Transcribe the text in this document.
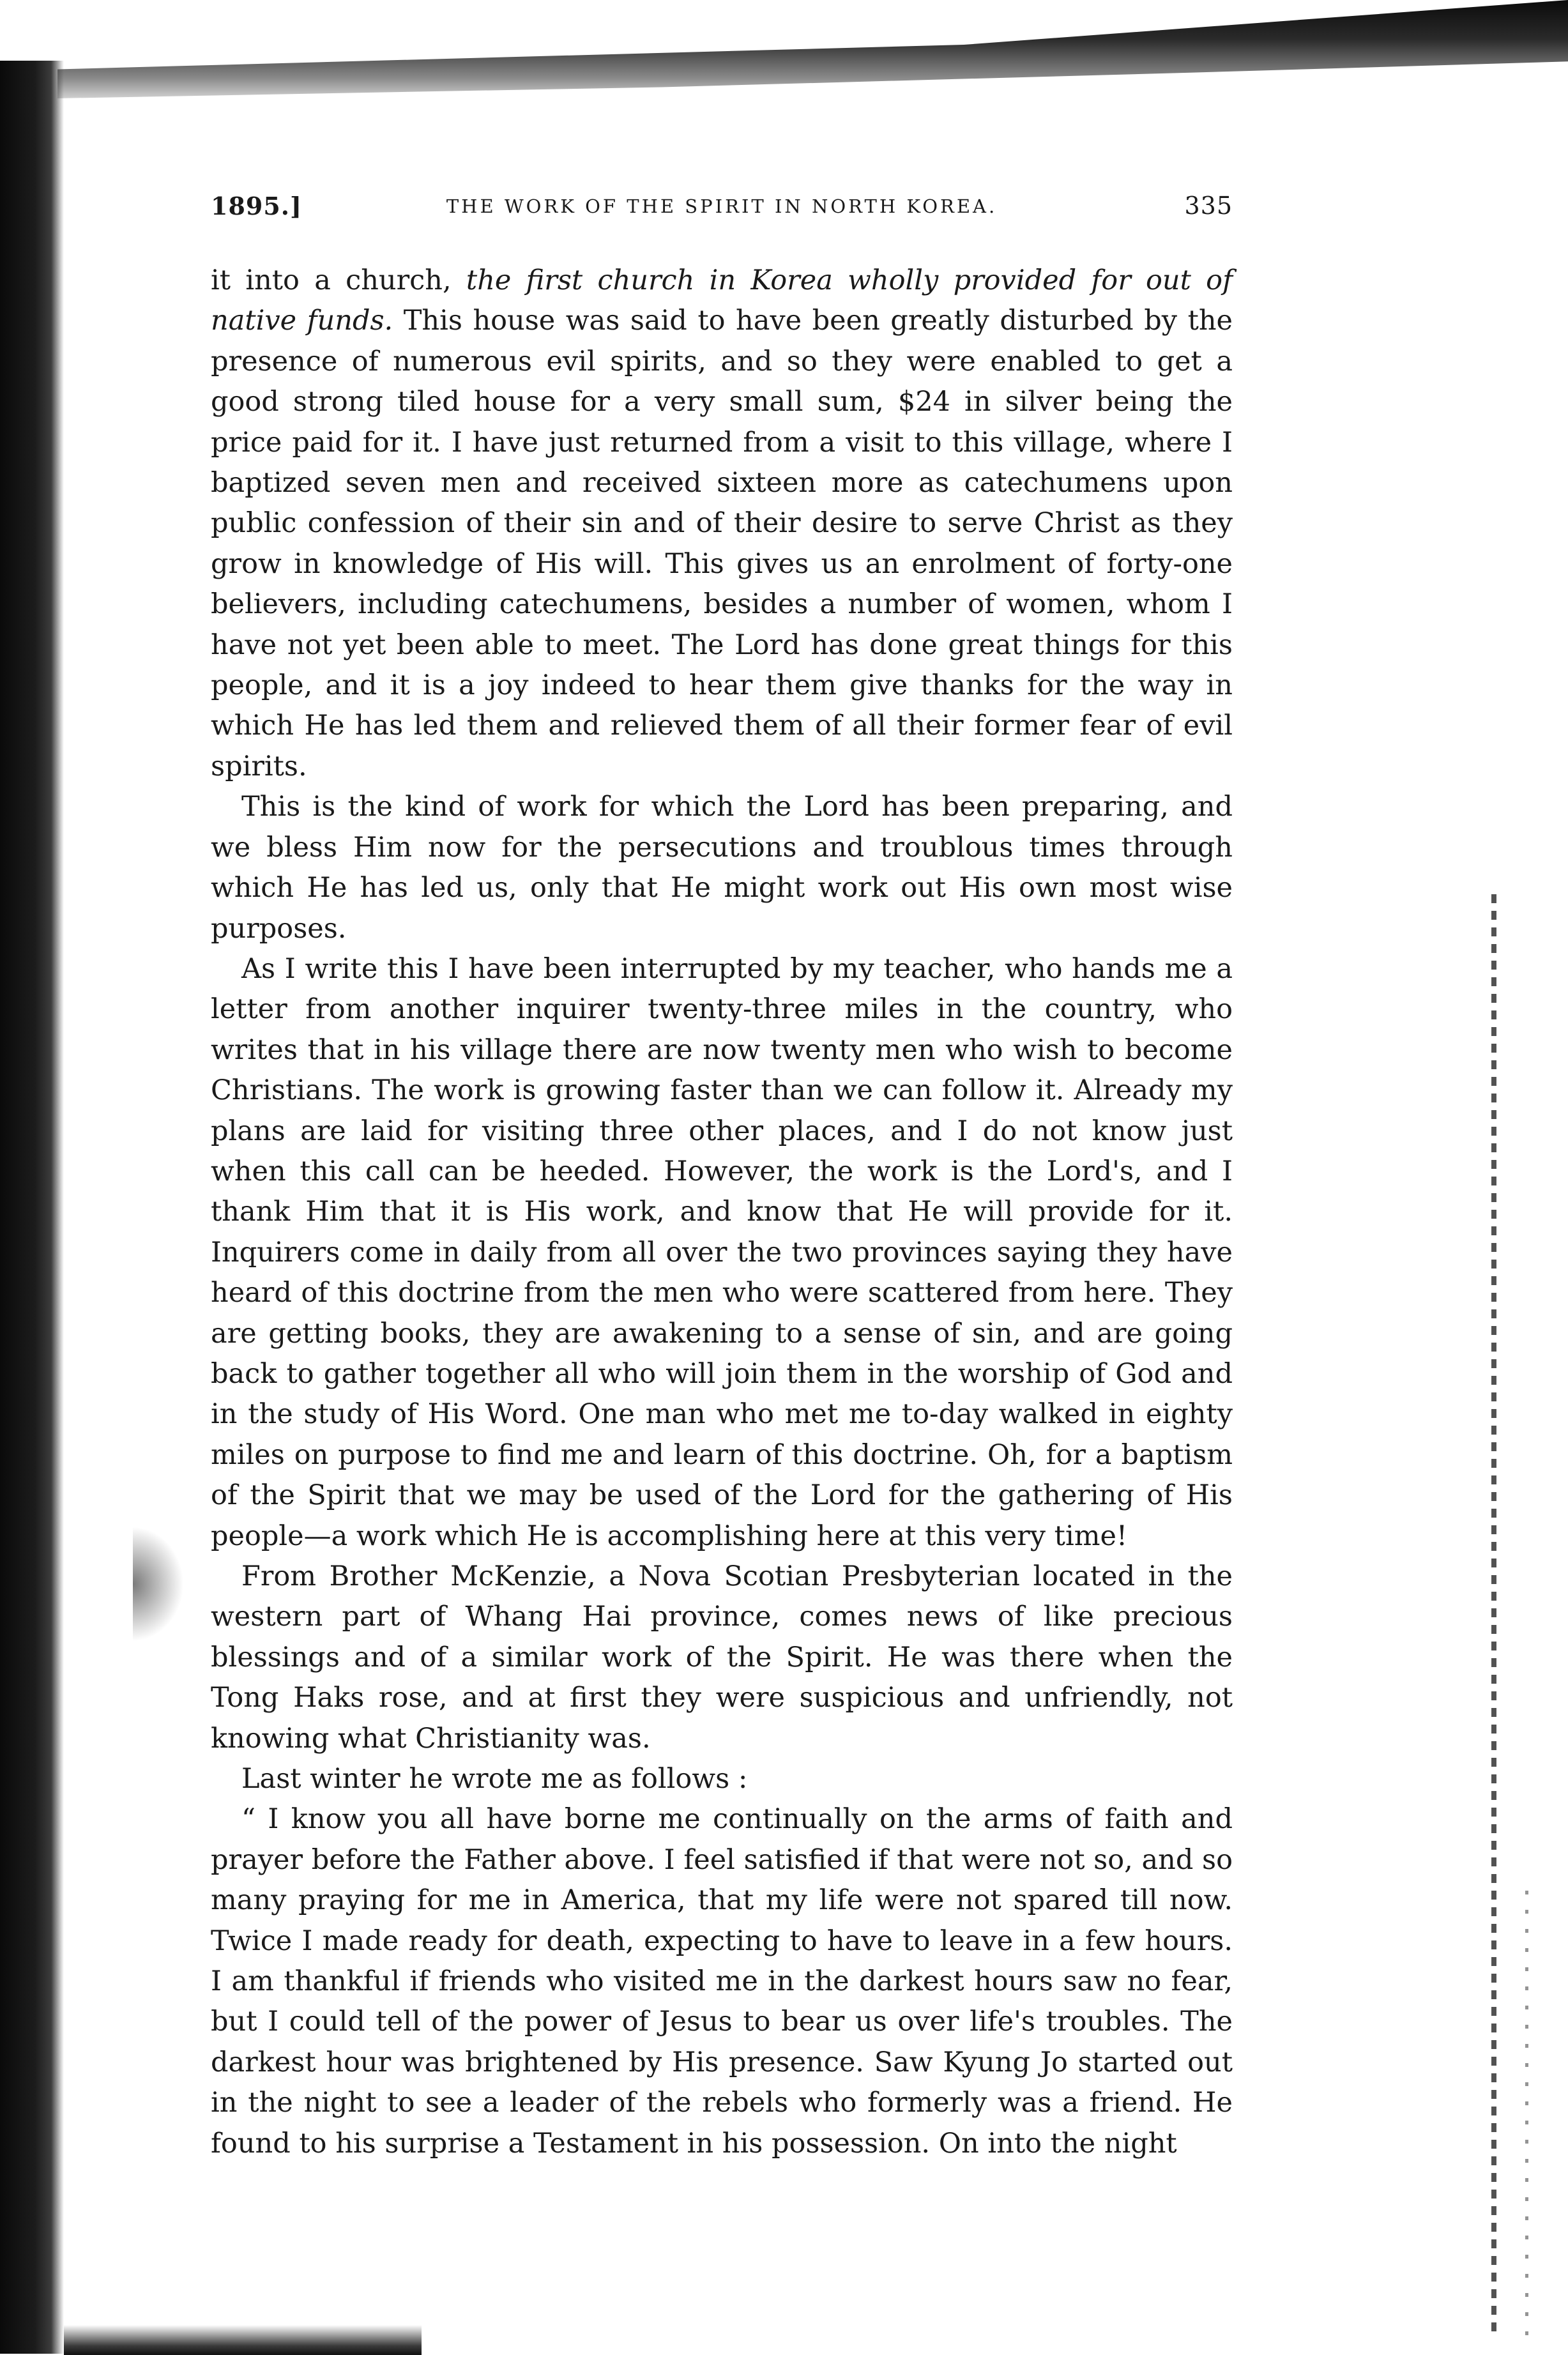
1895.]	THE WORK OF THE SPIRIT IN NORTH KOREA.	335

it into a church, the first church in Korea wholly provided for out of native funds. This house was said to have been greatly disturbed by the presence of numerous evil spirits, and so they were enabled to get a good strong tiled house for a very small sum, $24 in silver being the price paid for it. I have just returned from a visit to this village, where I baptized seven men and received sixteen more as catechumens upon public confession of their sin and of their desire to serve Christ as they grow in knowledge of His will. This gives us an enrolment of forty-one believers, including catechumens, besides a number of women, whom I have not yet been able to meet. The Lord has done great things for this people, and it is a joy indeed to hear them give thanks for the way in which He has led them and relieved them of all their former fear of evil spirits.

This is the kind of work for which the Lord has been preparing, and we bless Him now for the persecutions and troublous times through which He has led us, only that He might work out His own most wise purposes.

As I write this I have been interrupted by my teacher, who hands me a letter from another inquirer twenty-three miles in the country, who writes that in his village there are now twenty men who wish to become Christians. The work is growing faster than we can follow it. Already my plans are laid for visiting three other places, and I do not know just when this call can be heeded. However, the work is the Lord's, and I thank Him that it is His work, and know that He will provide for it. Inquirers come in daily from all over the two provinces saying they have heard of this doctrine from the men who were scattered from here. They are getting books, they are awakening to a sense of sin, and are going back to gather together all who will join them in the worship of God and in the study of His Word. One man who met me to-day walked in eighty miles on purpose to find me and learn of this doctrine. Oh, for a baptism of the Spirit that we may be used of the Lord for the gathering of His people—a work which He is accomplishing here at this very time!

From Brother McKenzie, a Nova Scotian Presbyterian located in the western part of Whang Hai province, comes news of like precious blessings and of a similar work of the Spirit. He was there when the Tong Haks rose, and at first they were suspicious and unfriendly, not knowing what Christianity was.

Last winter he wrote me as follows :

“ I know you all have borne me continually on the arms of faith and prayer before the Father above. I feel satisfied if that were not so, and so many praying for me in America, that my life were not spared till now. Twice I made ready for death, expecting to have to leave in a few hours. I am thankful if friends who visited me in the darkest hours saw no fear, but I could tell of the power of Jesus to bear us over life's troubles. The darkest hour was brightened by His presence. Saw Kyung Jo started out in the night to see a leader of the rebels who formerly was a friend. He found to his surprise a Testament in his possession. On into the night
